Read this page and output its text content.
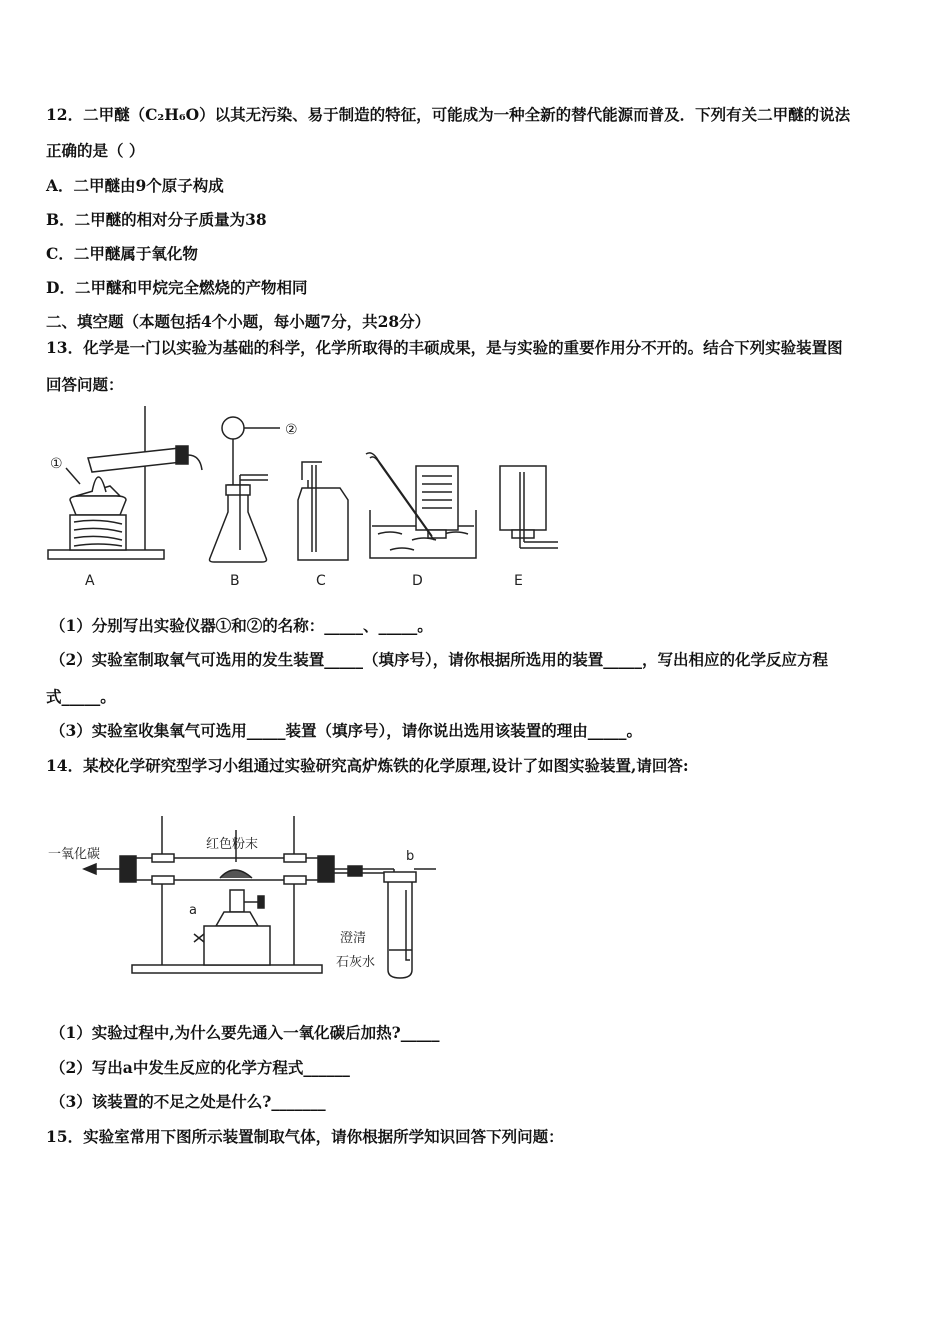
12．二甲醚（C₂H₆O）以其无污染、易于制造的特征，可能成为一种全新的替代能源而普及．下列有关二甲醚的说法
正确的是（ ）
A．二甲醚由9个原子构成
B．二甲醚的相对分子质量为38
C．二甲醚属于氧化物
D．二甲醚和甲烷完全燃烧的产物相同
二、填空题（本题包括4个小题，每小题7分，共28分）
13．化学是一门以实验为基础的科学，化学所取得的丰硕成果，是与实验的重要作用分不开的。结合下列实验装置图
回答问题：
①
②
A	B	C	D	E
（1）分别写出实验仪器①和②的名称：_____、_____。
（2）实验室制取氧气可选用的发生装置_____（填序号），请你根据所选用的装置_____，写出相应的化学反应方程
式_____。
（3）实验室收集氧气可选用_____装置（填序号），请你说出选用该装置的理由_____。
14．某校化学研究型学习小组通过实验研究高炉炼铁的化学原理,设计了如图实验装置,请回答:
一氧化碳
红色粉末
a
b
澄清
石灰水
（1）实验过程中,为什么要先通入一氧化碳后加热?_____
（2）写出a中发生反应的化学方程式______
（3）该装置的不足之处是什么?_______
15．实验室常用下图所示装置制取气体，请你根据所学知识回答下列问题：
